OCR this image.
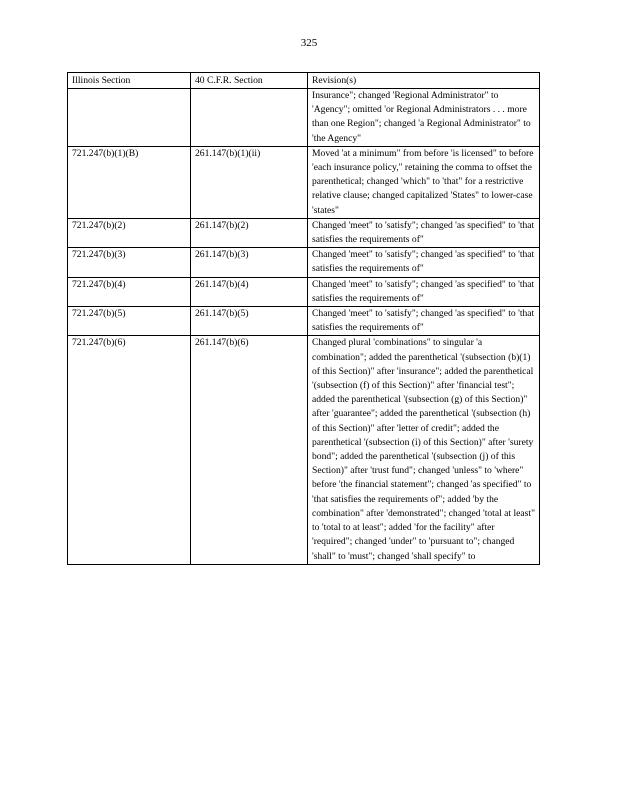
325
Illinois Section	40 C.F.R. Section	Revision(s)
		Insurance"; changed 'Regional Administrator" to 'Agency"; omitted 'or Regional Administrators . . . more than one Region"; changed 'a Regional Administrator" to 'the Agency"
721.247(b)(1)(B)	261.147(b)(1)(ii)	Moved 'at a minimum" from before 'is licensed" to before 'each insurance policy," retaining the comma to offset the parenthetical; changed 'which" to 'that" for a restrictive relative clause; changed capitalized 'States" to lower-case 'states"
721.247(b)(2)	261.147(b)(2)	Changed 'meet" to 'satisfy"; changed 'as specified" to 'that satisfies the requirements of"
721.247(b)(3)	261.147(b)(3)	Changed 'meet" to 'satisfy"; changed 'as specified" to 'that satisfies the requirements of"
721.247(b)(4)	261.147(b)(4)	Changed 'meet" to 'satisfy"; changed 'as specified" to 'that satisfies the requirements of"
721.247(b)(5)	261.147(b)(5)	Changed 'meet" to 'satisfy"; changed 'as specified" to 'that satisfies the requirements of"
721.247(b)(6)	261.147(b)(6)	Changed plural 'combinations" to singular 'a combination"; added the parenthetical '(subsection (b)(1) of this Section)" after 'insurance"; added the parenthetical '(subsection (f) of this Section)" after 'financial test"; added the parenthetical '(subsection (g) of this Section)" after 'guarantee"; added the parenthetical '(subsection (h) of this Section)" after 'letter of credit"; added the parenthetical '(subsection (i) of this Section)" after 'surety bond"; added the parenthetical '(subsection (j) of this Section)" after 'trust fund"; changed 'unless" to 'where" before 'the financial statement"; changed 'as specified" to 'that satisfies the requirements of"; added 'by the combination" after 'demonstrated"; changed 'total at least" to 'total to at least"; added 'for the facility" after 'required"; changed 'under" to 'pursuant to"; changed 'shall" to 'must"; changed 'shall specify" to
